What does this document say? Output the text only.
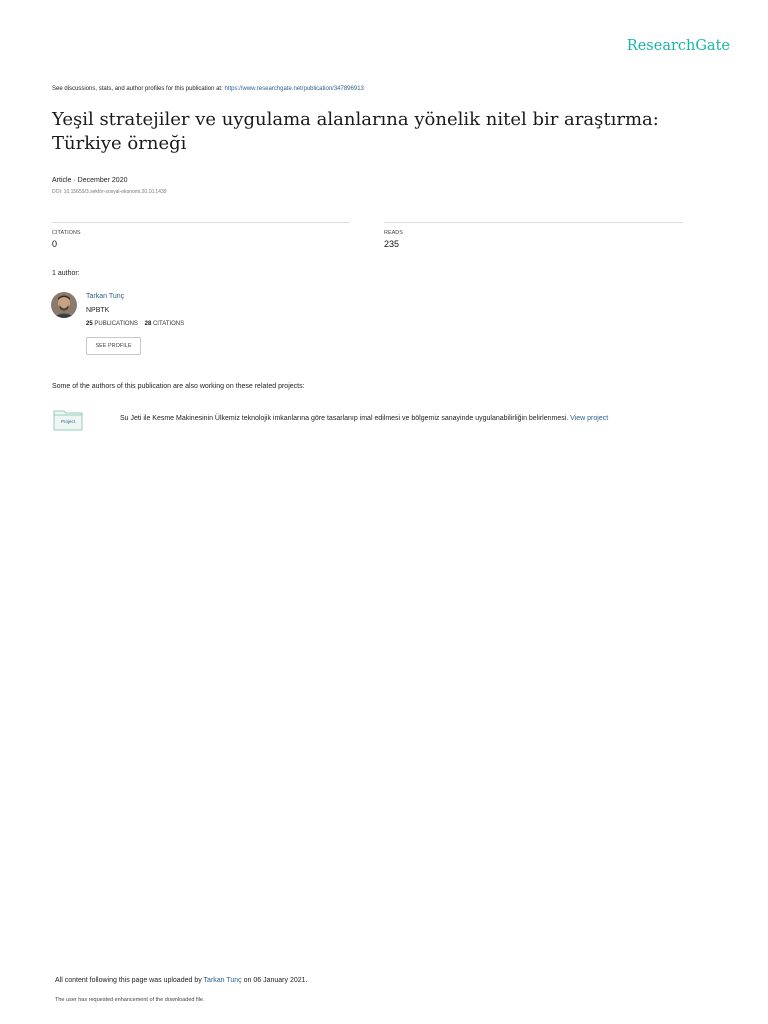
ResearchGate
See discussions, stats, and author profiles for this publication at: https://www.researchgate.net/publication/347896913
Yeşil stratejiler ve uygulama alanlarına yönelik nitel bir araştırma: Türkiye örneği
Article · December 2020
DOI: 10.15659/3.sektor-sosyal-ekonomi.20.10.1439
CITATIONS
0
READS
235
1 author:
Tarkan Tunç
NPBTK
25 PUBLICATIONS 28 CITATIONS
SEE PROFILE
Some of the authors of this publication are also working on these related projects:
Project	Su Jeti ile Kesme Makinesinin Ülkemiz teknolojik imkanlarına göre tasarlanıp imal edilmesi ve bölgemiz sanayinde uygulanabilirliğin belirlenmesi. View project
All content following this page was uploaded by Tarkan Tunç on 06 January 2021.
The user has requested enhancement of the downloaded file.
